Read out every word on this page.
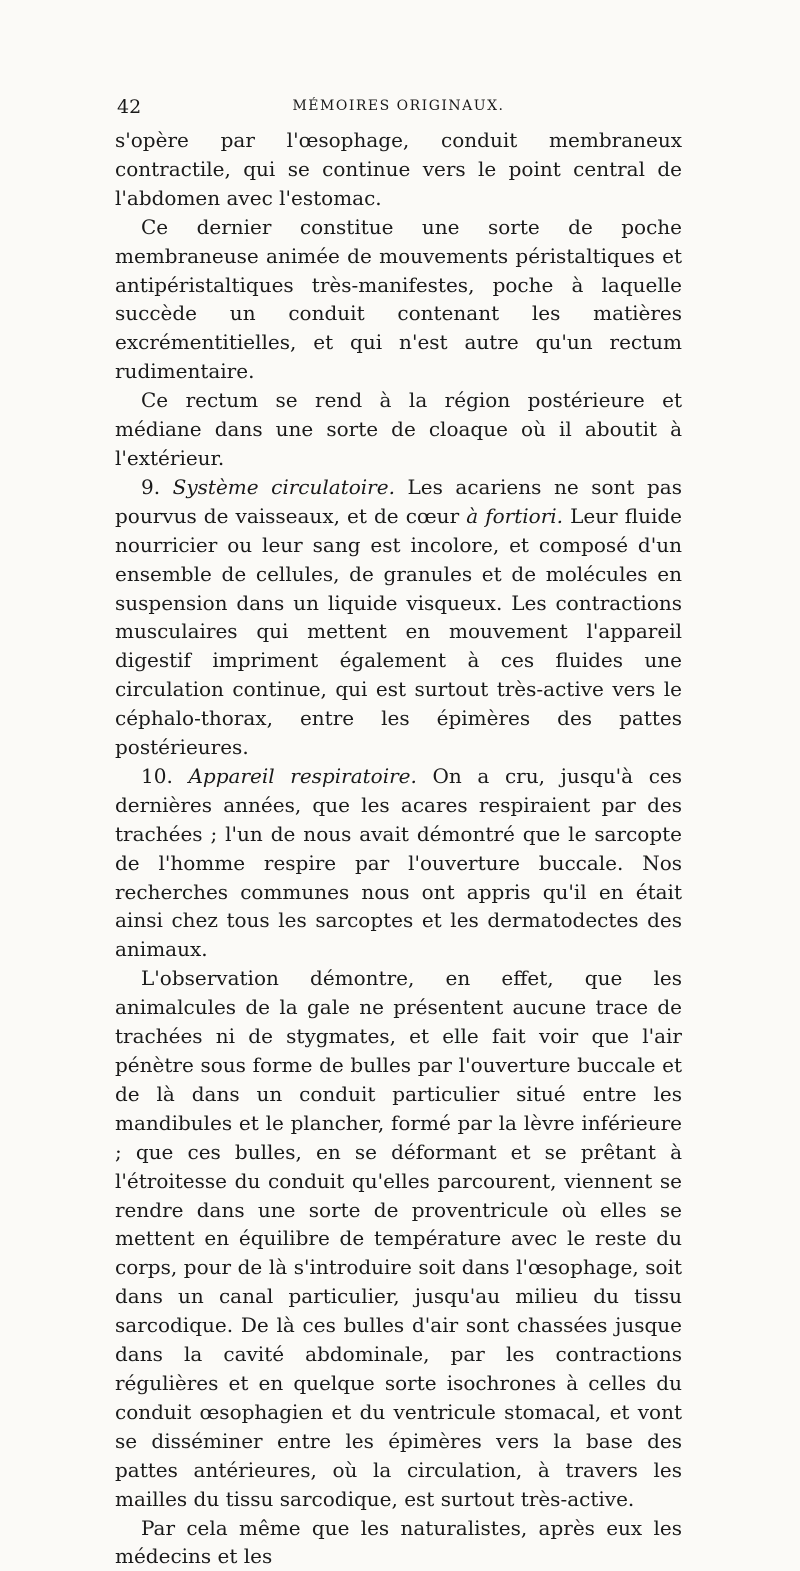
42	MÉMOIRES ORIGINAUX.

s'opère par l'œsophage, conduit membraneux contractile, qui se continue vers le point central de l'abdomen avec l'estomac.

Ce dernier constitue une sorte de poche membraneuse animée de mouvements péristaltiques et antipéristaltiques très-manifestes, poche à laquelle succède un conduit contenant les matières excrémentitielles, et qui n'est autre qu'un rectum rudimentaire.

Ce rectum se rend à la région postérieure et médiane dans une sorte de cloaque où il aboutit à l'extérieur.

9. Système circulatoire. Les acariens ne sont pas pourvus de vaisseaux, et de cœur à fortiori. Leur fluide nourricier ou leur sang est incolore, et composé d'un ensemble de cellules, de granules et de molécules en suspension dans un liquide visqueux. Les contractions musculaires qui mettent en mouvement l'appareil digestif impriment également à ces fluides une circulation continue, qui est surtout très-active vers le céphalo-thorax, entre les épimères des pattes postérieures.

10. Appareil respiratoire. On a cru, jusqu'à ces dernières années, que les acares respiraient par des trachées ; l'un de nous avait démontré que le sarcopte de l'homme respire par l'ouverture buccale. Nos recherches communes nous ont appris qu'il en était ainsi chez tous les sarcoptes et les dermatodectes des animaux.

L'observation démontre, en effet, que les animalcules de la gale ne présentent aucune trace de trachées ni de stygmates, et elle fait voir que l'air pénètre sous forme de bulles par l'ouverture buccale et de là dans un conduit particulier situé entre les mandibules et le plancher, formé par la lèvre inférieure ; que ces bulles, en se déformant et se prêtant à l'étroitesse du conduit qu'elles parcourent, viennent se rendre dans une sorte de proventricule où elles se mettent en équilibre de température avec le reste du corps, pour de là s'introduire soit dans l'œsophage, soit dans un canal particulier, jusqu'au milieu du tissu sarcodique. De là ces bulles d'air sont chassées jusque dans la cavité abdominale, par les contractions régulières et en quelque sorte isochrones à celles du conduit œsophagien et du ventricule stomacal, et vont se disséminer entre les épimères vers la base des pattes antérieures, où la circulation, à travers les mailles du tissu sarcodique, est surtout très-active.

Par cela même que les naturalistes, après eux les médecins et les
